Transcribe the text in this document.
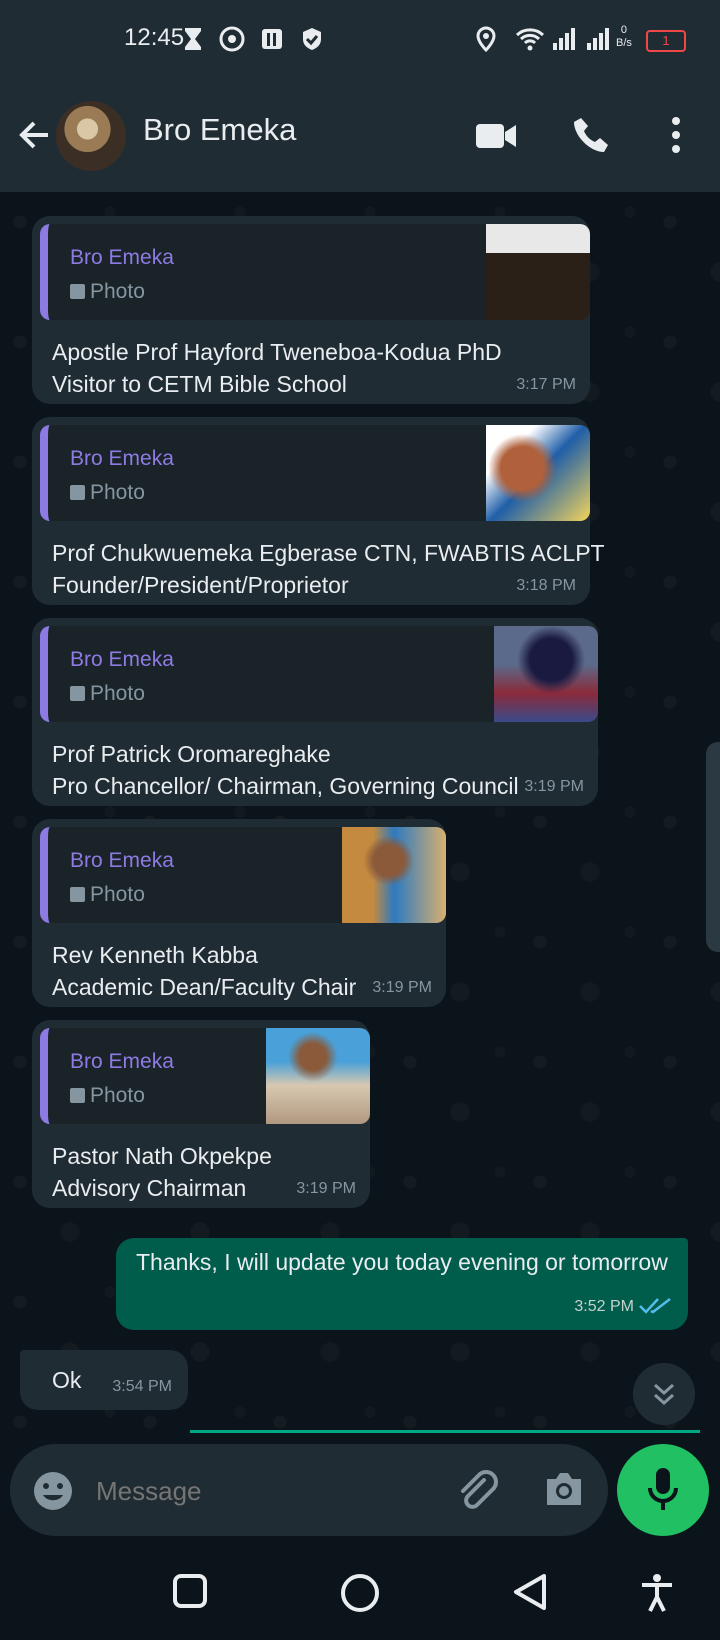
12:45	0
B/s	1
Bro Emeka
Bro Emeka
Photo
Apostle Prof Hayford Tweneboa-Kodua PhD
Visitor to CETM Bible School	3:17 PM
Bro Emeka
Photo
Prof Chukwuemeka Egberase CTN, FWABTIS ACLPT
Founder/President/Proprietor	3:18 PM
Bro Emeka
Photo
Prof Patrick Oromareghake
Pro Chancellor/ Chairman, Governing Council 3:19 PM
Bro Emeka
Photo
Rev Kenneth Kabba
Academic Dean/Faculty Chair 3:19 PM
Bro Emeka
Photo
Pastor Nath Okpekpe
Advisory Chairman	3:19 PM
Thanks, I will update you today evening or tomorrow
3:52 PM
Ok 3:54 PM
Message
